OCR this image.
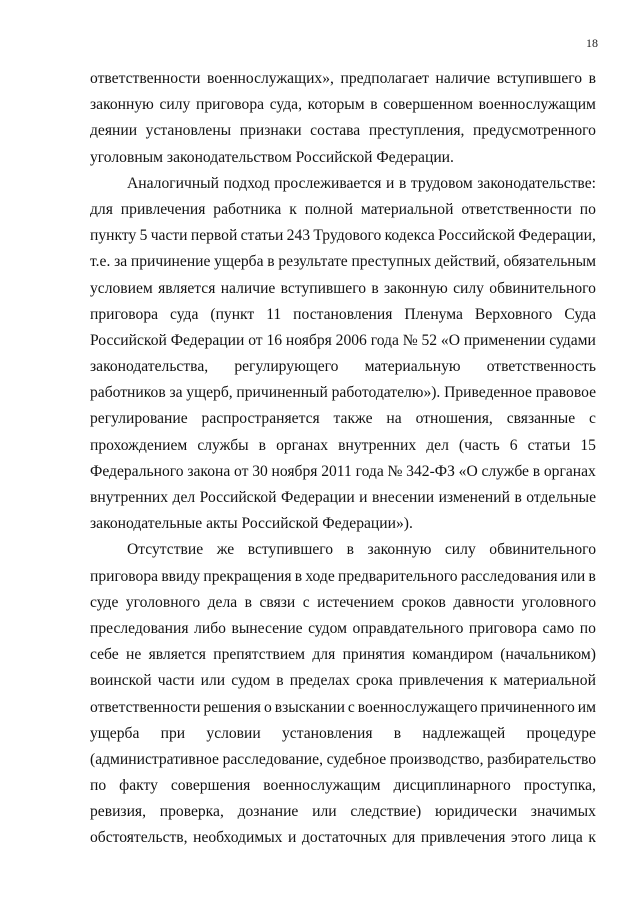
18
ответственности военнослужащих», предполагает наличие вступившего в
законную силу приговора суда, которым в совершенном военнослужащим
деянии установлены признаки состава преступления, предусмотренного
уголовным законодательством Российской Федерации.
Аналогичный подход прослеживается и в трудовом законодательстве:
для привлечения работника к полной материальной ответственности по
пункту 5 части первой статьи 243 Трудового кодекса Российской Федерации,
т.е. за причинение ущерба в результате преступных действий, обязательным
условием является наличие вступившего в законную силу обвинительного
приговора суда (пункт 11 постановления Пленума Верховного Суда
Российской Федерации от 16 ноября 2006 года № 52 «О применении судами
законодательства, регулирующего материальную ответственность
работников за ущерб, причиненный работодателю»). Приведенное правовое
регулирование распространяется также на отношения, связанные с
прохождением службы в органах внутренних дел (часть 6 статьи 15
Федерального закона от 30 ноября 2011 года № 342-ФЗ «О службе в органах
внутренних дел Российской Федерации и внесении изменений в отдельные
законодательные акты Российской Федерации»).
Отсутствие же вступившего в законную силу обвинительного
приговора ввиду прекращения в ходе предварительного расследования или в
суде уголовного дела в связи с истечением сроков давности уголовного
преследования либо вынесение судом оправдательного приговора само по
себе не является препятствием для принятия командиром (начальником)
воинской части или судом в пределах срока привлечения к материальной
ответственности решения о взыскании с военнослужащего причиненного им
ущерба при условии установления в надлежащей процедуре
(административное расследование, судебное производство, разбирательство
по факту совершения военнослужащим дисциплинарного проступка,
ревизия, проверка, дознание или следствие) юридически значимых
обстоятельств, необходимых и достаточных для привлечения этого лица к
